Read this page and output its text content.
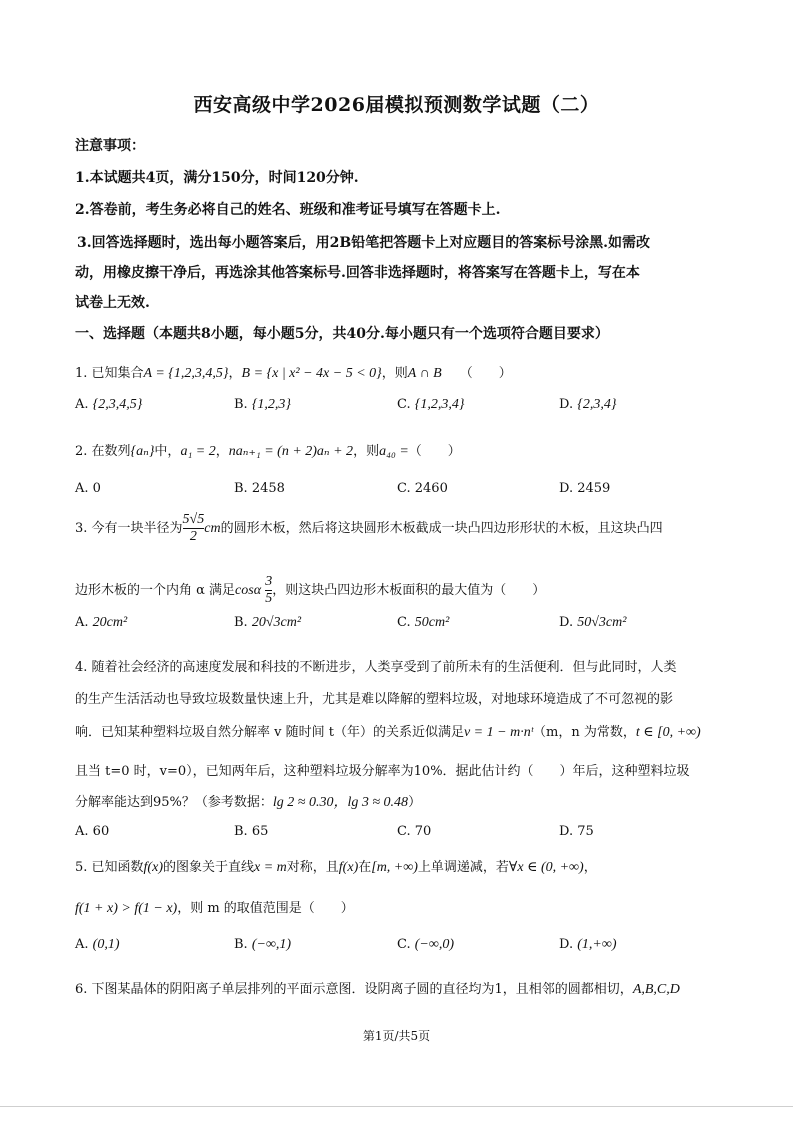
西安高级中学2026届模拟预测数学试题（二）
注意事项：
1.本试题共4页，满分150分，时间120分钟.
2.答卷前，考生务必将自己的姓名、班级和准考证号填写在答题卡上.
3.回答选择题时，选出每小题答案后，用2B铅笔把答题卡上对应题目的答案标号涂黑.如需改
动，用橡皮擦干净后，再选涂其他答案标号.回答非选择题时，将答案写在答题卡上，写在本
试卷上无效.
一、选择题（本题共8小题，每小题5分，共40分.每小题只有一个选项符合题目要求）
1. 已知集合A = {1,2,3,4,5}，B = {x | x² − 4x − 5 < 0}，则A ∩ B （　　）
A. {2,3,4,5}	B. {1,2,3}	C. {1,2,3,4}	D. {2,3,4}
2. 在数列{aₙ}中，a₁ = 2，naₙ₊₁ = (n + 2)aₙ + 2，则a₄₀ =（　　）
A. 0	B. 2458	C. 2460	D. 2459
3. 今有一块半径为 $\frac{5√5}{2}$ cm的圆形木板，然后将这块圆形木板截成一块凸四边形形状的木板，且这块凸四
边形木板的一个内角 α 满足cosα $\frac{3}{5}$ ，则这块凸四边形木板面积的最大值为（　　）
A. 20cm²	B. 20√3cm²	C. 50cm²	D. 50√3cm²
4. 随着社会经济的高速度发展和科技的不断进步，人类享受到了前所未有的生活便利．但与此同时，人类
的生产生活活动也导致垃圾数量快速上升，尤其是难以降解的塑料垃圾，对地球环境造成了不可忽视的影
响．已知某种塑料垃圾自然分解率 v 随时间 t（年）的关系近似满足v = 1 − m·nᵗ（m，n 为常数，t ∈ [0, +∞)
且当 t=0 时，v=0），已知两年后，这种塑料垃圾分解率为10%．据此估计约（　　）年后，这种塑料垃圾
分解率能达到95%？（参考数据：lg 2 ≈ 0.30，lg 3 ≈ 0.48）
A. 60	B. 65	C. 70	D. 75
5. 已知函数f(x)的图象关于直线x = m对称，且f(x)在[m, +∞)上单调递减，若∀x ∈ (0, +∞)，
f(1 + x) > f(1 − x)，则 m 的取值范围是（　　）
A. (0,1)	B. (−∞,1)	C. (−∞,0)	D. (1,+∞)
6. 下图某晶体的阴阳离子单层排列的平面示意图．设阴离子圆的直径均为1，且相邻的圆都相切，A,B,C,D
第1页/共5页
